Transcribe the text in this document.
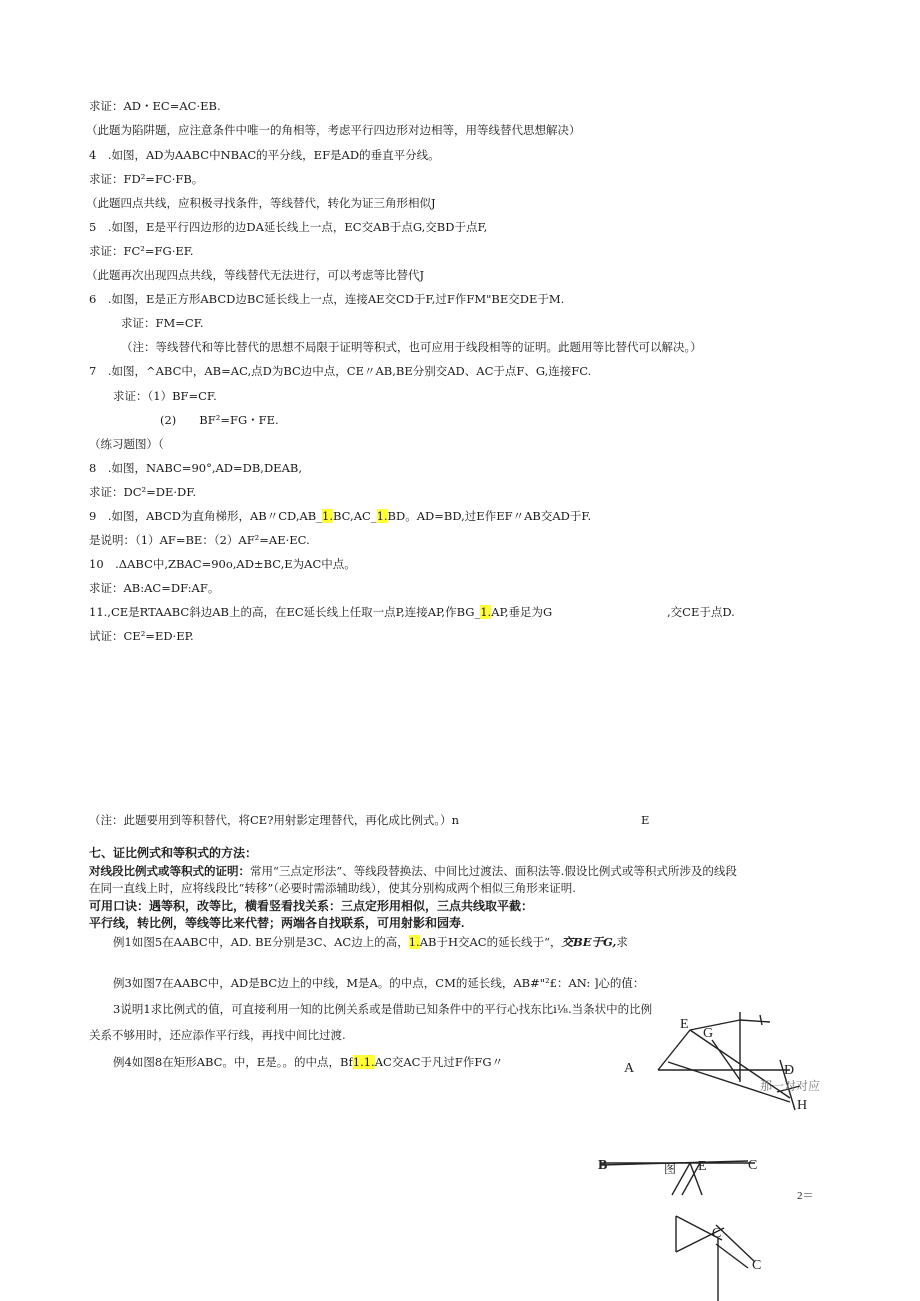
求证：AD・EC=AC·EB.
（此题为陷阱题，应注意条件中唯一的角相等，考虑平行四边形对边相等，用等线替代思想解决）
4　.如图，AD为AABC中NBAC的平分线，EF是AD的垂直平分线。
求证：FD²=FC·FB。
（此题四点共线，应积极寻找条件，等线替代，转化为证三角形相似J
5　.如图，E是平行四边形的边DA延长线上一点，EC交AB于点G,交BD于点F,
求证：FC²=FG·EF.
（此题再次出现四点共线，等线替代无法进行，可以考虑等比替代J
6　.如图，E是正方形ABCD边BC延长线上一点，连接AE交CD于F,过F作FM"BE交DE于M.
求证：FM=CF.
（注：等线替代和等比替代的思想不局限于证明等积式，也可应用于线段相等的证明。此题用等比替代可以解决。）
7　.如图，^ABC中，AB=AC,点D为BC边中点，CE〃AB,BE分别交AD、AC于点F、G,连接FC.
求证：（1）BF=CF.
(2)　　BF²=FG・FE.
（练习题图）（
8　.如图，NABC=90°,AD=DB,DEAB,
求证：DC²=DE·DF.
9　.如图，ABCD为直角梯形，AB〃CD,AB_1.BC,AC_1.BD。AD=BD,过E作EF〃AB交AD于F.
是说明：（1）AF=BE：（2）AF²=AE·EC.
10　.ΔABC中,ZBAC=90o,AD±BC,E为AC中点。
求证：AB:AC=DF:AF。
11.,CE是RTAABC斜边AB上的高，在EC延长线上任取一点P,连接AP,作BG_1.AP,垂足为G	,交CE于点D.
试证：CE²=ED·EP.
（注：此题要用到等积替代，将CE?用射影定理替代，再化成比例式。）n	E
七、证比例式和等积式的方法：
对线段比例式或等积式的证明：常用“三点定形法”、等线段替换法、中间比过渡法、面积法等.假设比例式或等积式所涉及的线段
在同一直线上时，应将线段比“转移”（必要时需添辅助线），使其分别构成两个相似三角形来证明.
可用口诀：遇等积，改等比，横看竖看找关系：三点定形用相似，三点共线取平截：
平行线，转比例，等线等比来代替；两端各自找联系，可用射影和园寿.
例1如图5在AABC中，AD. BE分别是3C、AC边上的高，1.AB于H交AC的延长线于“，交BE于G,求
例3如图7在AABC中，AD是BC边上的中线，M是A。的中点，CM的延长线，AB#"²£：AN: ]心的值：
3说明1求比例式的值，可直接利用一知的比例关系或是借助已知条件中的平行心找东比i⅛.当条状中的比例
关系不够用时，还应添作平行线，再找中间比过渡.
例4如图8在矩形ABC。中，E是。。的中点，Bf1.1.AC交AC于凡过F作FG〃
E
G
A	D
H
那一对对应
B	图 E	C
2＝
C
C
